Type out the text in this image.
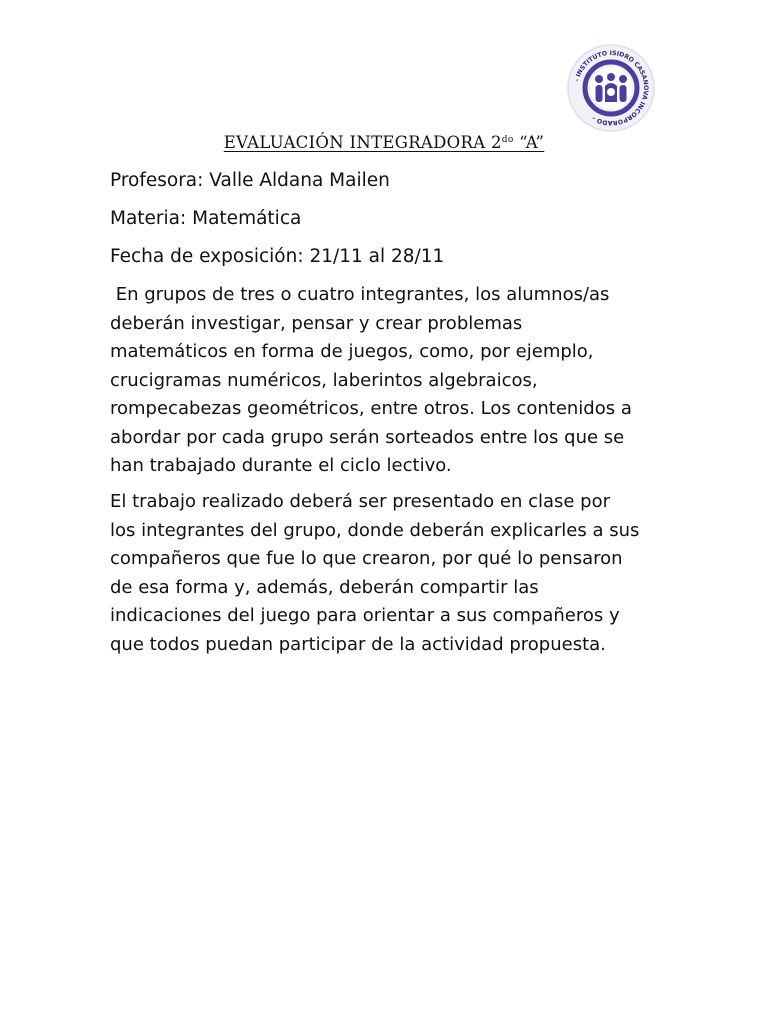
- INSTITUTO ISIDRO CASANOVA INCORPORADO -
EVALUACIÓN INTEGRADORA $2^{do}$ “A”
Profesora: Valle Aldana Mailen
Materia: Matemática
Fecha de exposición: 21/11 al 28/11
En grupos de tres o cuatro integrantes, los alumnos/as
deberán investigar, pensar y crear problemas
matemáticos en forma de juegos, como, por ejemplo,
crucigramas numéricos, laberintos algebraicos,
rompecabezas geométricos, entre otros. Los contenidos a
abordar por cada grupo serán sorteados entre los que se
han trabajado durante el ciclo lectivo.
El trabajo realizado deberá ser presentado en clase por
los integrantes del grupo, donde deberán explicarles a sus
compañeros que fue lo que crearon, por qué lo pensaron
de esa forma y, además, deberán compartir las
indicaciones del juego para orientar a sus compañeros y
que todos puedan participar de la actividad propuesta.
